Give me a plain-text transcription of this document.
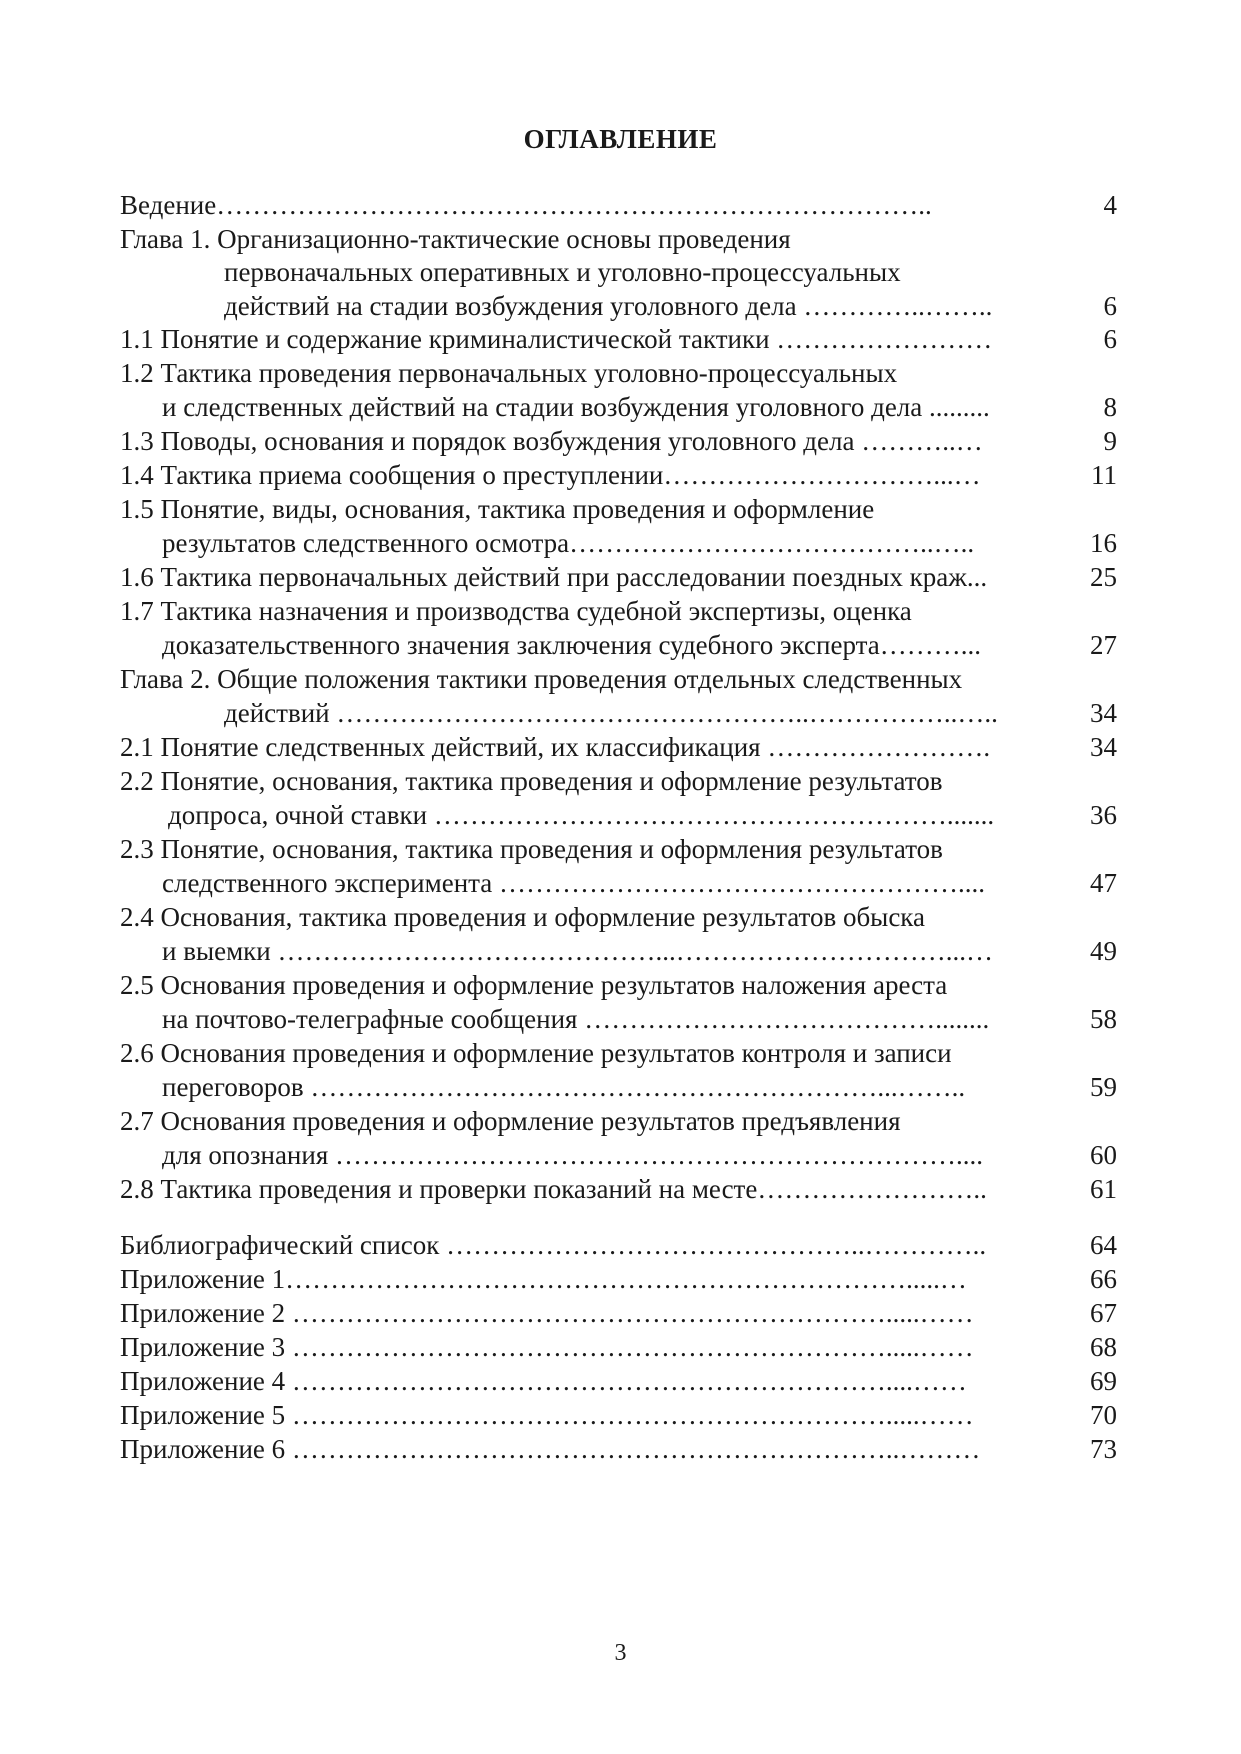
ОГЛАВЛЕНИЕ
Ведение……………………………………………………………………..	4
Глава 1. Организационно-тактические основы проведения
первоначальных оперативных и уголовно-процессуальных
действий на стадии возбуждения уголовного дела …………..……..	6
1.1 Понятие и содержание криминалистической тактики ……………………	6
1.2 Тактика проведения первоначальных уголовно-процессуальных
и следственных действий на стадии возбуждения уголовного дела .........	8
1.3 Поводы, основания и порядок возбуждения уголовного дела ………..…	9
1.4 Тактика приема сообщения о преступлении…………………………...…	11
1.5 Понятие, виды, основания, тактика проведения и оформление
результатов следственного осмотра…………………………………..…..	16
1.6 Тактика первоначальных действий при расследовании поездных краж...	25
1.7 Тактика назначения и производства судебной экспертизы, оценка
доказательственного значения заключения судебного эксперта………...	27
Глава 2. Общие положения тактики проведения отдельных следственных
действий ……………………………………………..……………..…..	34
2.1 Понятие следственных действий, их классификация …………………….	34
2.2 Понятие, основания, тактика проведения и оформление результатов
допроса, очной ставки ………………………………………………….......	36
2.3 Понятие, основания, тактика проведения и оформления результатов
следственного эксперимента ……………………………………………....	47
2.4 Основания, тактика проведения и оформление результатов обыска
и выемки ……………………………………...…………………………...…	49
2.5 Основания проведения и оформление результатов наложения ареста
на почтово-телеграфные сообщения …………………………………........	58
2.6 Основания проведения и оформление результатов контроля и записи
переговоров ………………………………………………………...……..	59
2.7 Основания проведения и оформление результатов предъявления
для опознания ……………………………………………………………....	60
2.8 Тактика проведения и проверки показаний на месте……………………..	61
Библиографический список ………………………………………..…………..	64
Приложение 1…………………………………………………………….....…	66
Приложение 2 ………………………………………………………….....……	67
Приложение 3 ………………………………………………………….....……	68
Приложение 4 …………………………………………………………....……	69
Приложение 5 ………………………………………………………….....……	70
Приложение 6 …………………………………………………………..………	73
3
